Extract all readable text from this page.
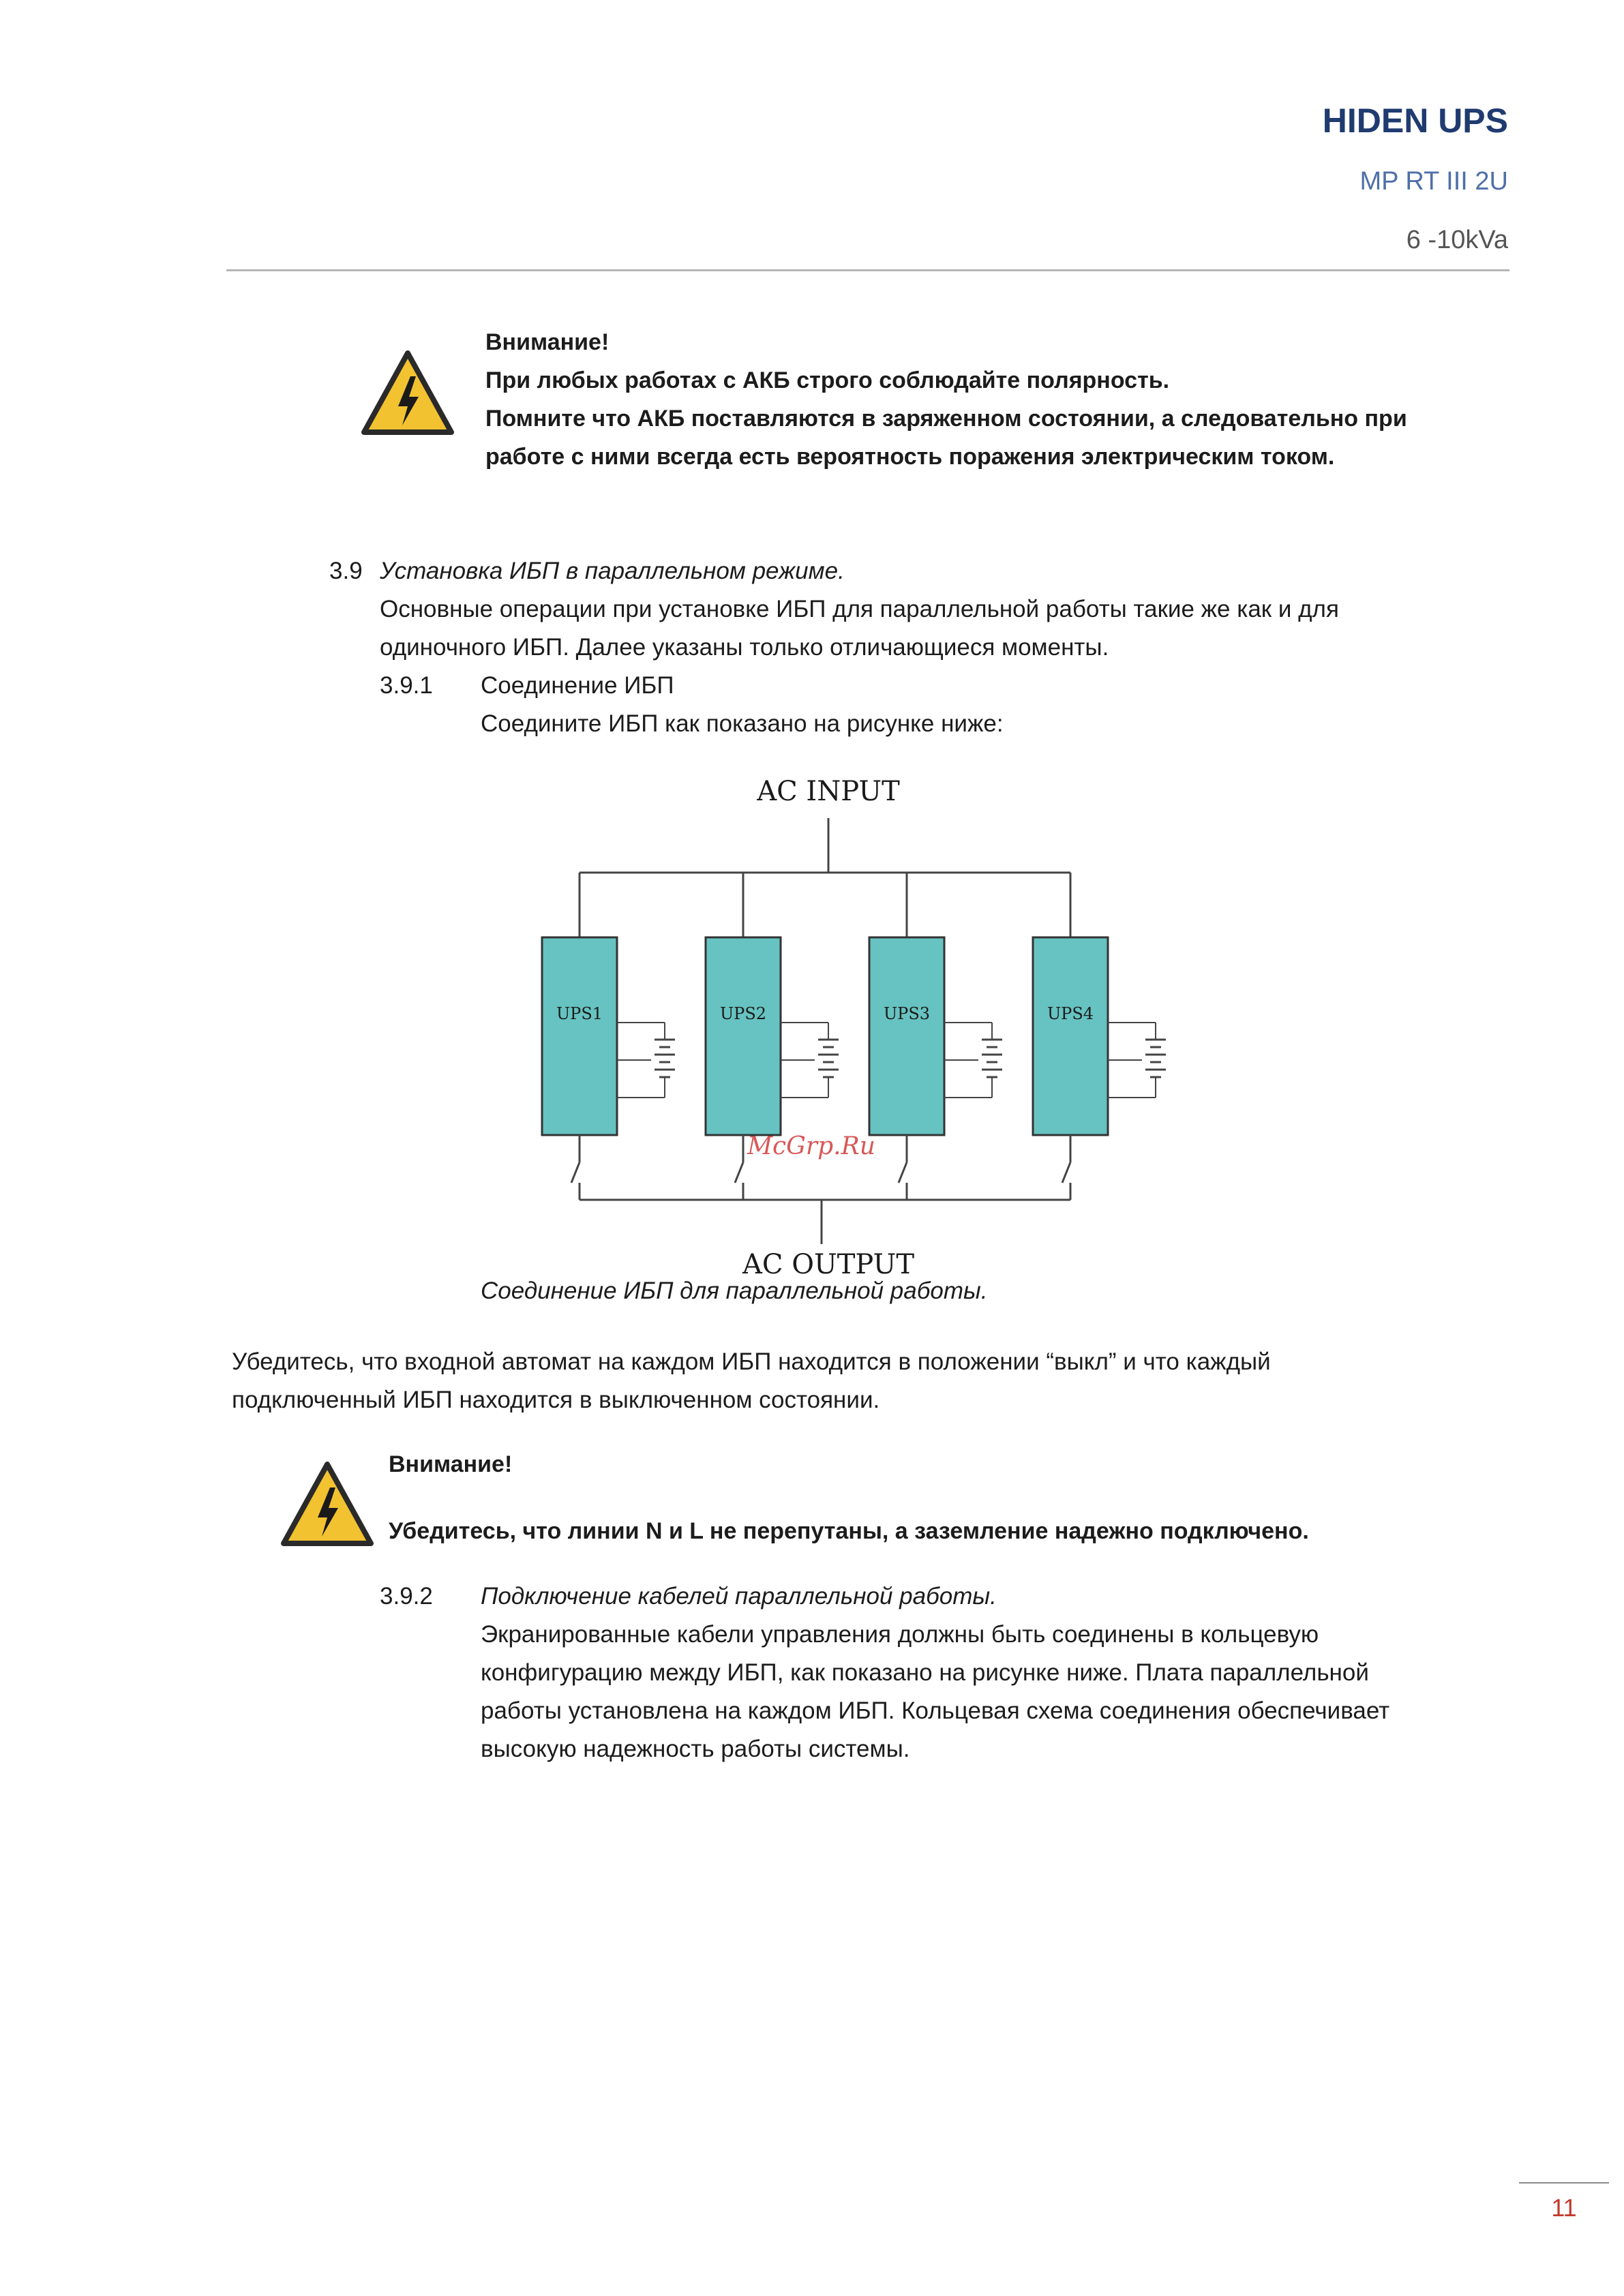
HIDEN UPS
MP RT III 2U
6 -10kVa
Внимание!
При любых работах с АКБ строго соблюдайте полярность.
Помните что АКБ поставляются в заряженном состоянии, а следовательно при
работе с ними всегда есть вероятность поражения электрическим током.
3.9 Установка ИБП в параллельном режиме.
Основные операции при установке ИБП для параллельной работы такие же как и для
одиночного ИБП. Далее указаны только отличающиеся моменты.
3.9.1 Соединение ИБП
Соедините ИБП как показано на рисунке ниже:
AC INPUT
UPS1	UPS2	UPS3	UPS4
AC OUTPUT
McGrp.Ru
Соединение ИБП для параллельной работы.
Убедитесь, что входной автомат на каждом ИБП находится в положении “выкл” и что каждый
подключенный ИБП находится в выключенном состоянии.
Внимание!
Убедитесь, что линии N и L не перепутаны, а заземление надежно подключено.
3.9.2 Подключение кабелей параллельной работы.
Экранированные кабели управления должны быть соединены в кольцевую
конфигурацию между ИБП, как показано на рисунке ниже. Плата параллельной
работы установлена на каждом ИБП. Кольцевая схема соединения обеспечивает
высокую надежность работы системы.
11
